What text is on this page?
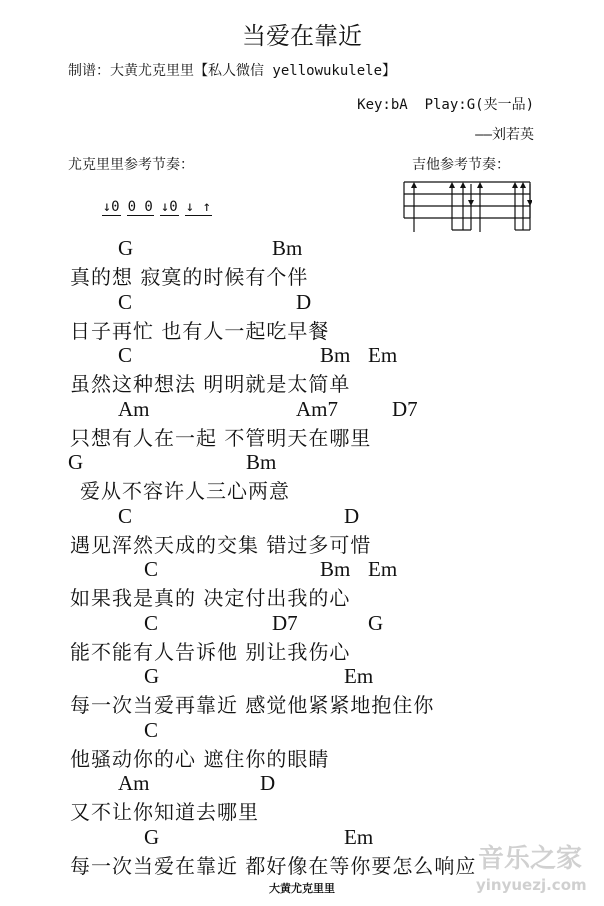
当爱在靠近
制谱：大黄尤克里里【私人微信 yellowukulele】
Key:bA  Play:G(夹一品)
——刘若英
尤克里里参考节奏：

↓0 0 0 ↓0 ↓ ↑

吉他参考节奏：
G	Bm
真的想 寂寞的时候有个伴
C	D
日子再忙 也有人一起吃早餐
C	Bm Em
虽然这种想法 明明就是太简单
Am	Am7	D7
只想有人在一起 不管明天在哪里
G	Bm
爱从不容许人三心两意
C	D
遇见浑然天成的交集 错过多可惜
C	Bm Em
如果我是真的 决定付出我的心
C	D7	G
能不能有人告诉他 别让我伤心
G	Em
每一次当爱再靠近 感觉他紧紧地抱住你
C
他骚动你的心 遮住你的眼睛
Am	D
又不让你知道去哪里
G	Em
每一次当爱在靠近 都好像在等你要怎么响应
大黄尤克里里
音乐之家
yinyuezj.com
